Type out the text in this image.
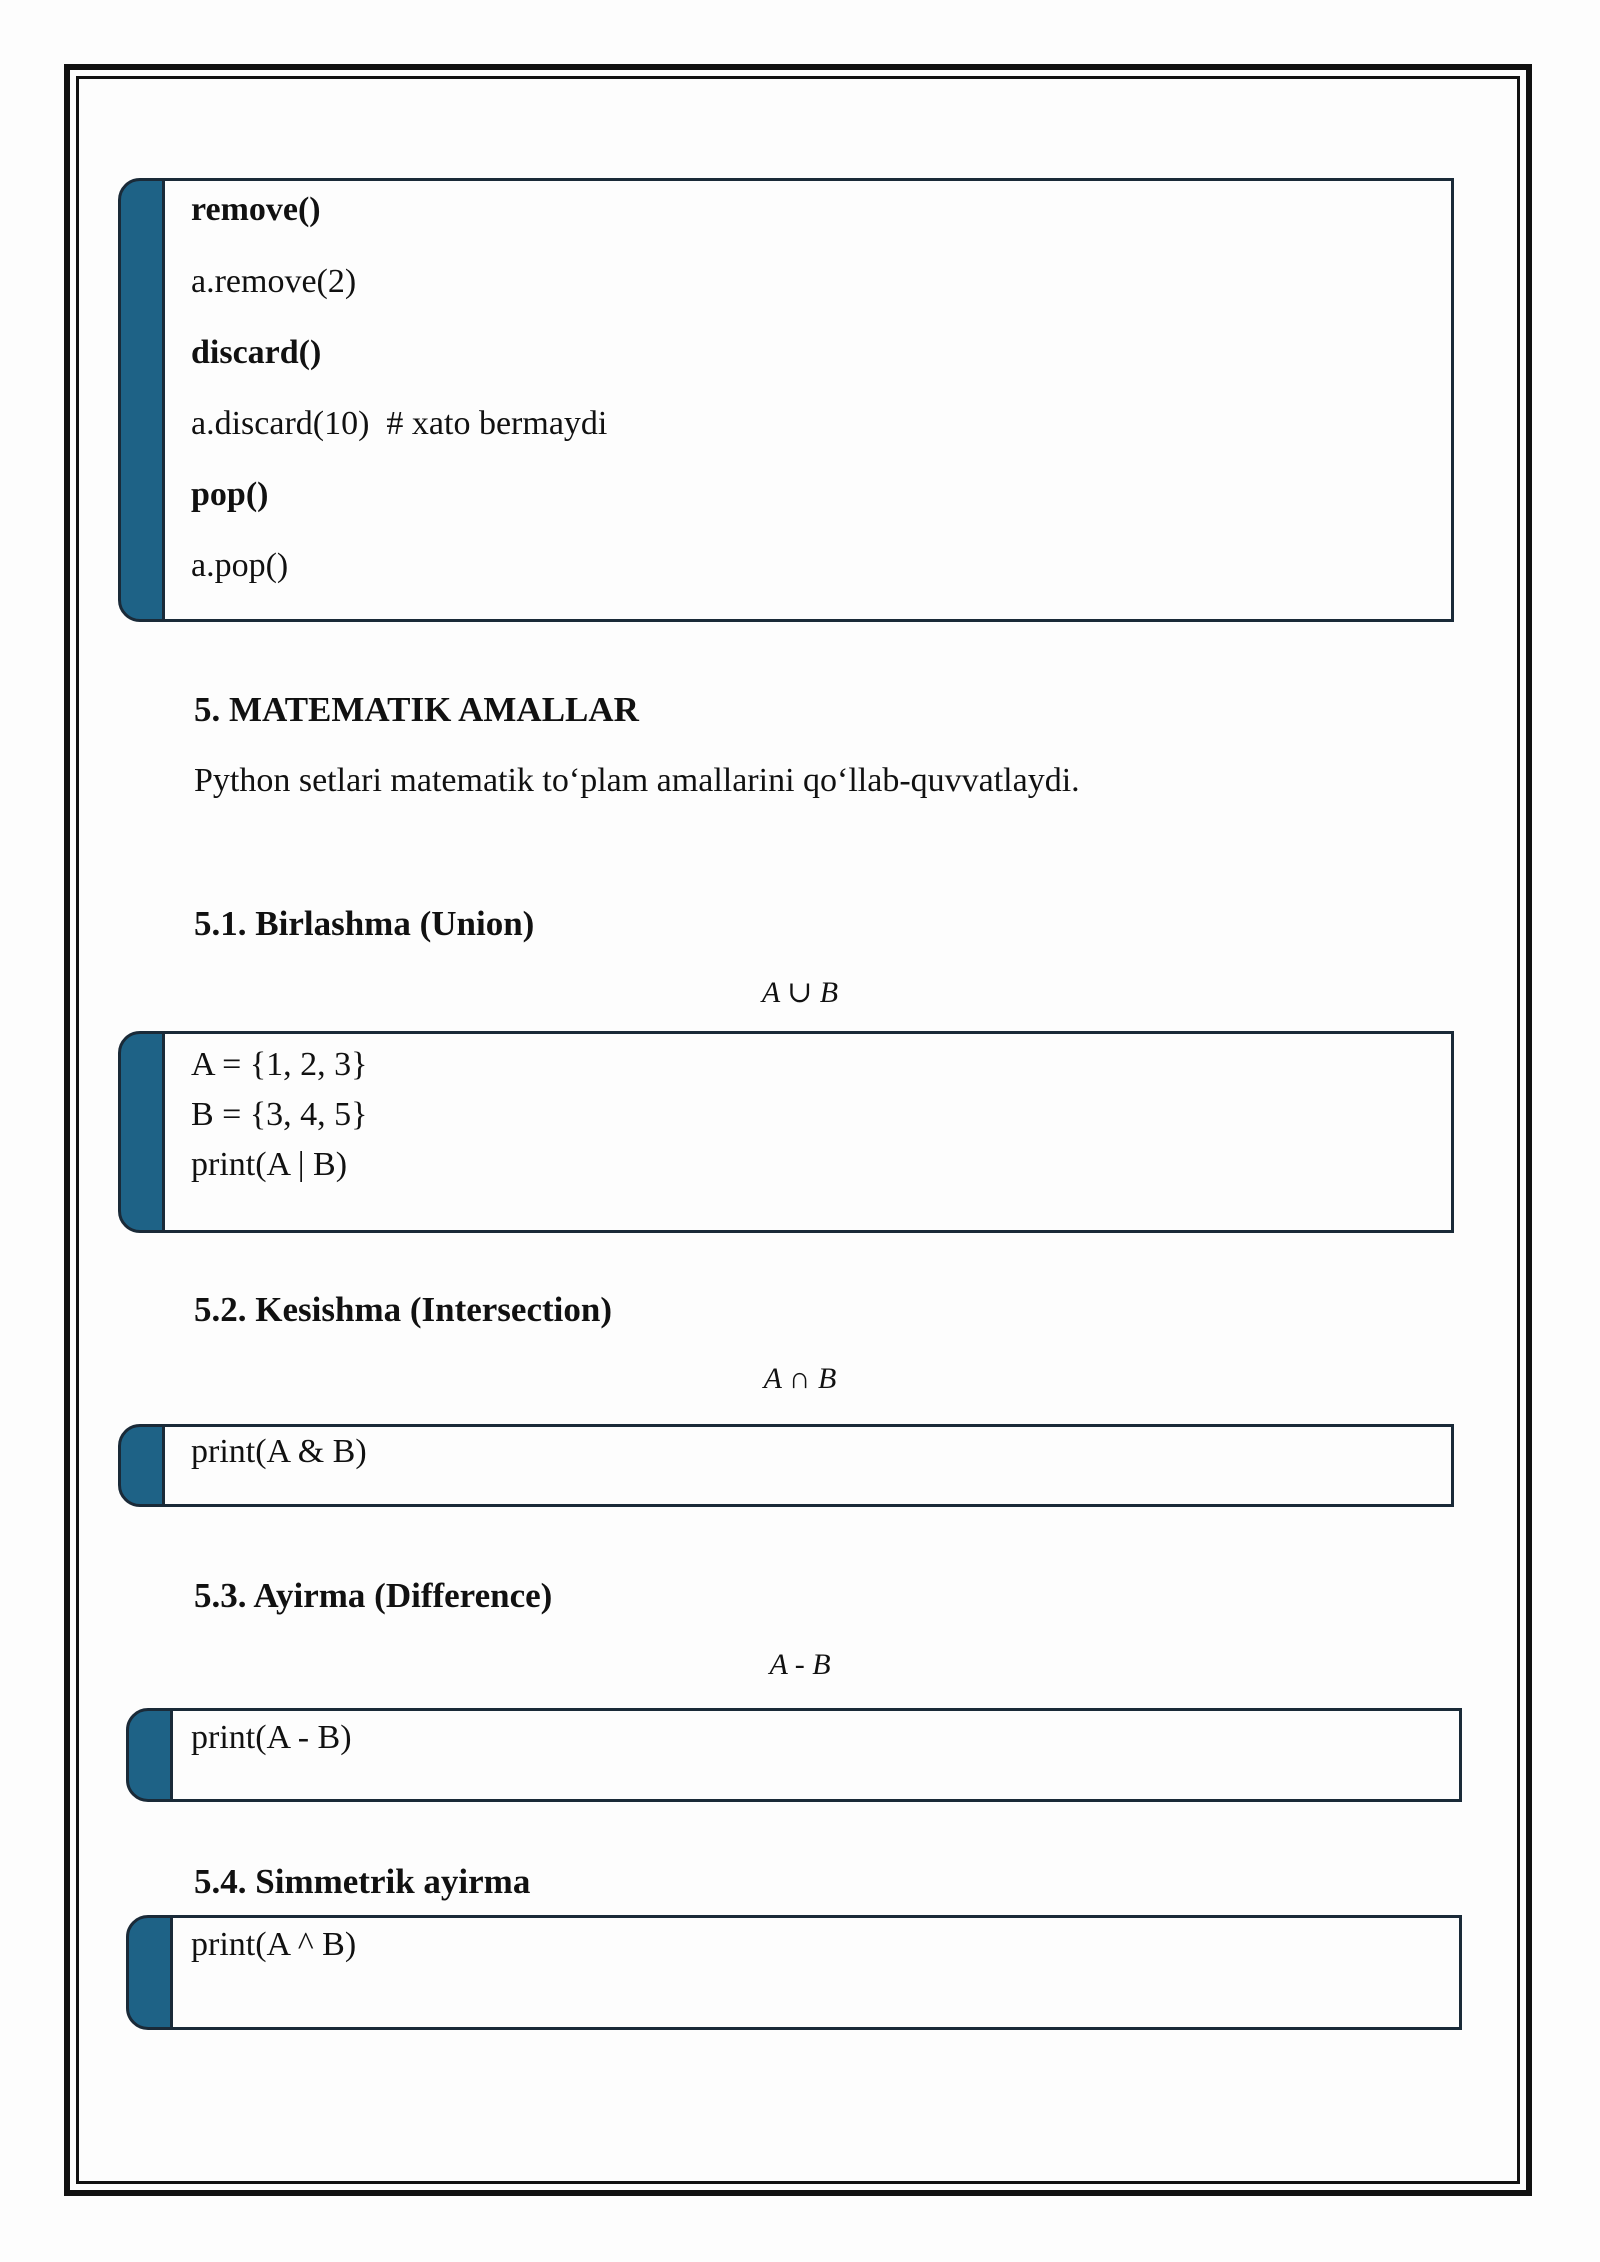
remove()
a.remove(2)
discard()
a.discard(10)  # xato bermaydi
pop()
a.pop()
5. MATEMATIK AMALLAR
Python setlari matematik to‘plam amallarini qo‘llab-quvvatlaydi.
5.1. Birlashma (Union)
A ∪ B
A = {1, 2, 3}
B = {3, 4, 5}
print(A | B)
5.2. Kesishma (Intersection)
A ∩ B
print(A & B)
5.3. Ayirma (Difference)
A - B
print(A - B)
5.4. Simmetrik ayirma
print(A ^ B)
